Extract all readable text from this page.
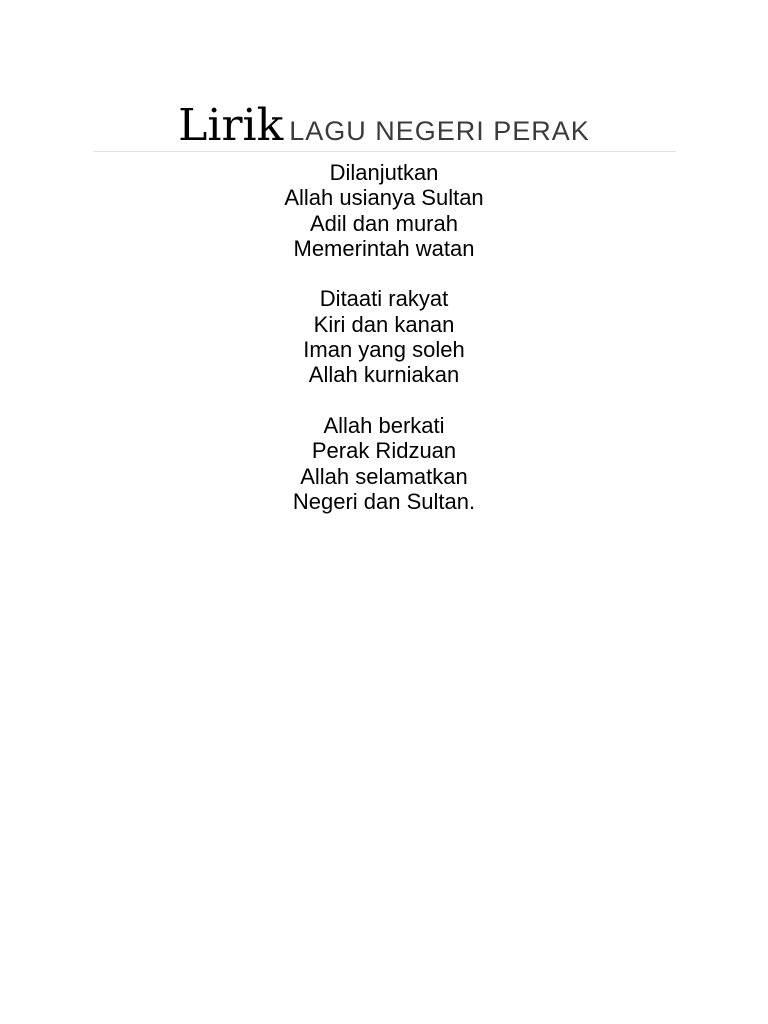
Lirik LAGU NEGERI PERAK
Dilanjutkan
Allah usianya Sultan
Adil dan murah
Memerintah watan
Ditaati rakyat
Kiri dan kanan
Iman yang soleh
Allah kurniakan
Allah berkati
Perak Ridzuan
Allah selamatkan
Negeri dan Sultan.
